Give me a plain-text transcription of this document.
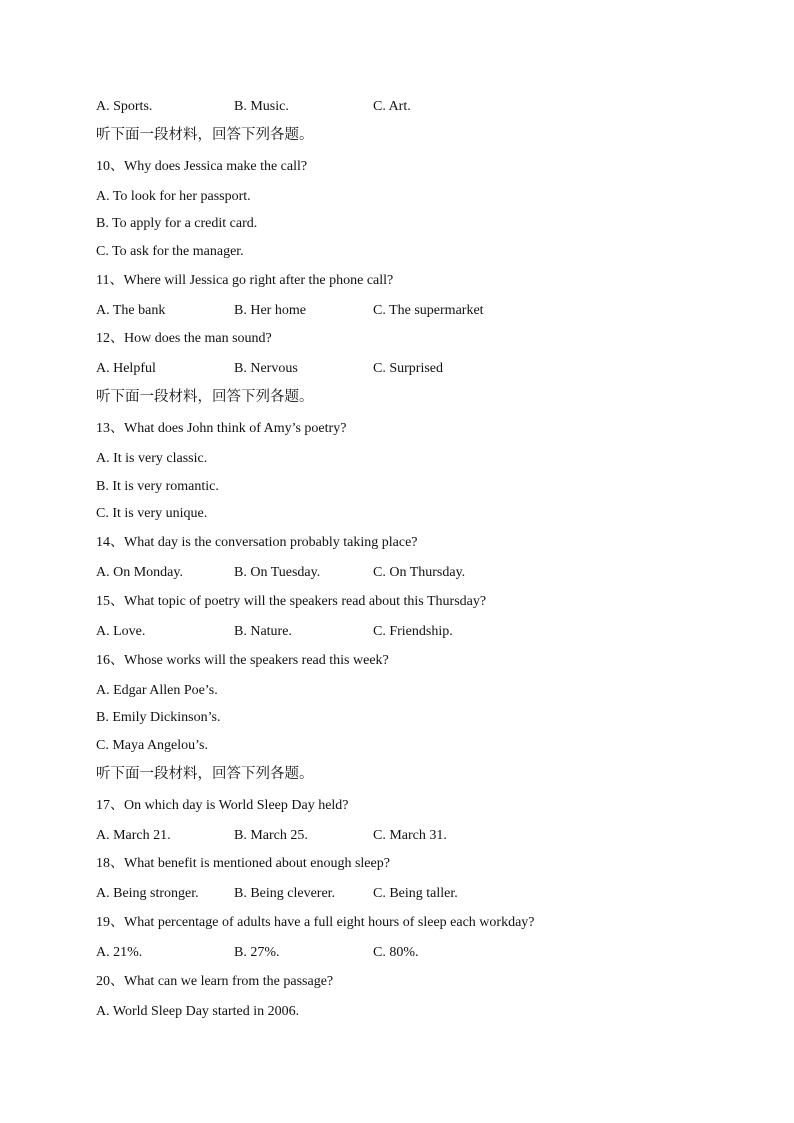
A. Sports.	B. Music.	C. Art.
听下面一段材料，回答下列各题。
10、Why does Jessica make the call?
A. To look for her passport.
B. To apply for a credit card.
C. To ask for the manager.
11、Where will Jessica go right after the phone call?
A. The bank	B. Her home	C. The supermarket
12、How does the man sound?
A. Helpful	B. Nervous	C. Surprised
听下面一段材料，回答下列各题。
13、What does John think of Amy’s poetry?
A. It is very classic.
B. It is very romantic.
C. It is very unique.
14、What day is the conversation probably taking place?
A. On Monday.	B. On Tuesday.	C. On Thursday.
15、What topic of poetry will the speakers read about this Thursday?
A. Love.	B. Nature.	C. Friendship.
16、Whose works will the speakers read this week?
A. Edgar Allen Poe’s.
B. Emily Dickinson’s.
C. Maya Angelou’s.
听下面一段材料，回答下列各题。
17、On which day is World Sleep Day held?
A. March 21.	B. March 25.	C. March 31.
18、What benefit is mentioned about enough sleep?
A. Being stronger.	B. Being cleverer.	C. Being taller.
19、What percentage of adults have a full eight hours of sleep each workday?
A. 21%.	B. 27%.	C. 80%.
20、What can we learn from the passage?
A. World Sleep Day started in 2006.
